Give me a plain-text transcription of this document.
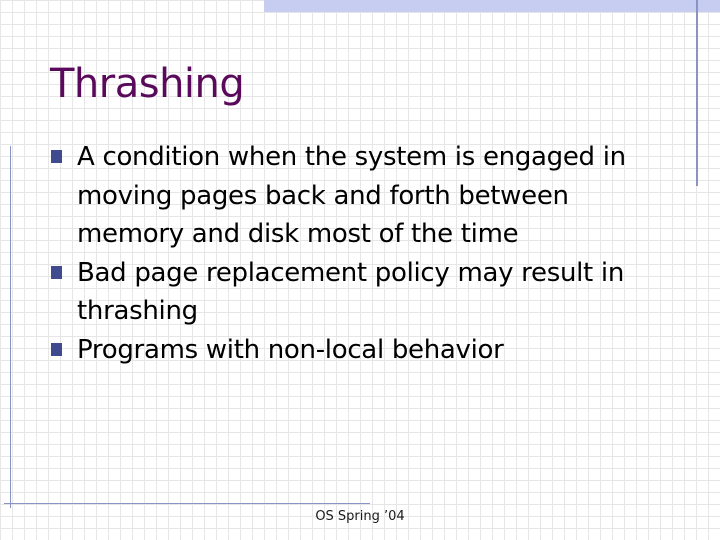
Thrashing
A condition when the system is engaged in moving pages back and forth between memory and disk most of the time
Bad page replacement policy may result in thrashing
Programs with non-local behavior
OS Spring ’04
